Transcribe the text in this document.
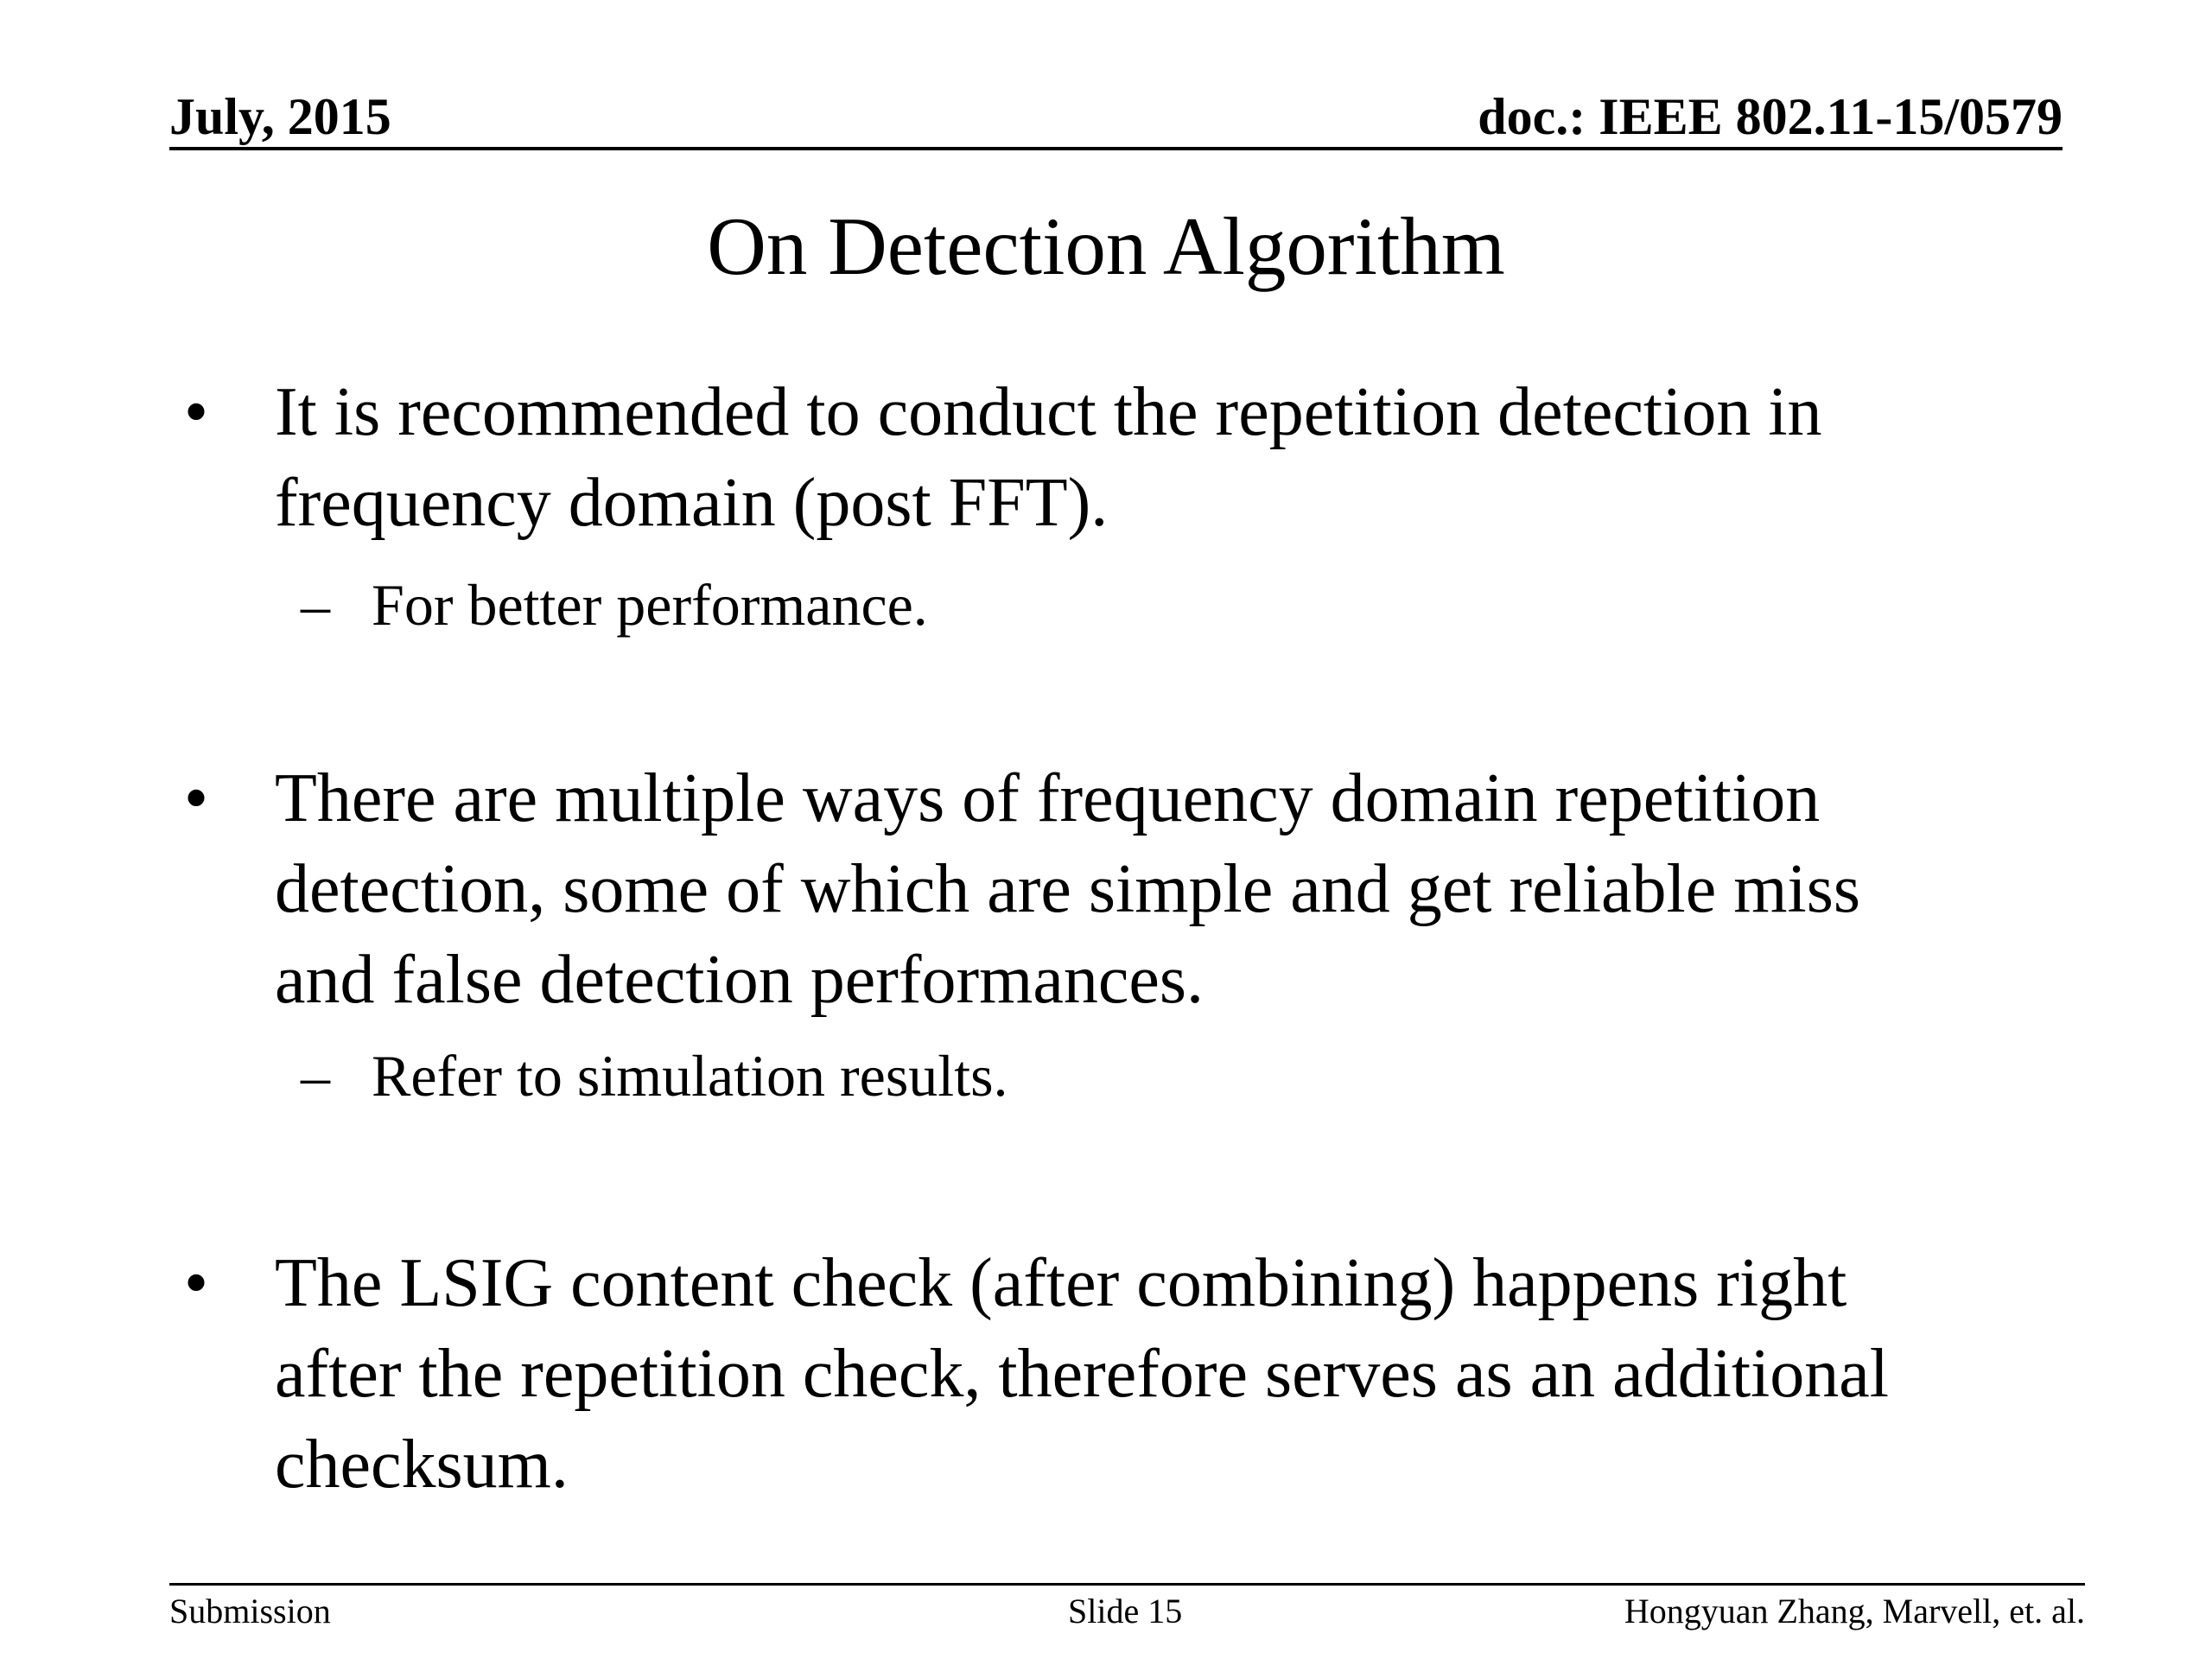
July, 2015	doc.: IEEE 802.11-15/0579
On Detection Algorithm
• It is recommended to conduct the repetition detection in
frequency domain (post FFT).
– For better performance.
• There are multiple ways of frequency domain repetition
detection, some of which are simple and get reliable miss
and false detection performances.
– Refer to simulation results.
• The LSIG content check (after combining) happens right
after the repetition check, therefore serves as an additional
checksum.
Submission	Slide 15	Hongyuan Zhang, Marvell, et. al.
